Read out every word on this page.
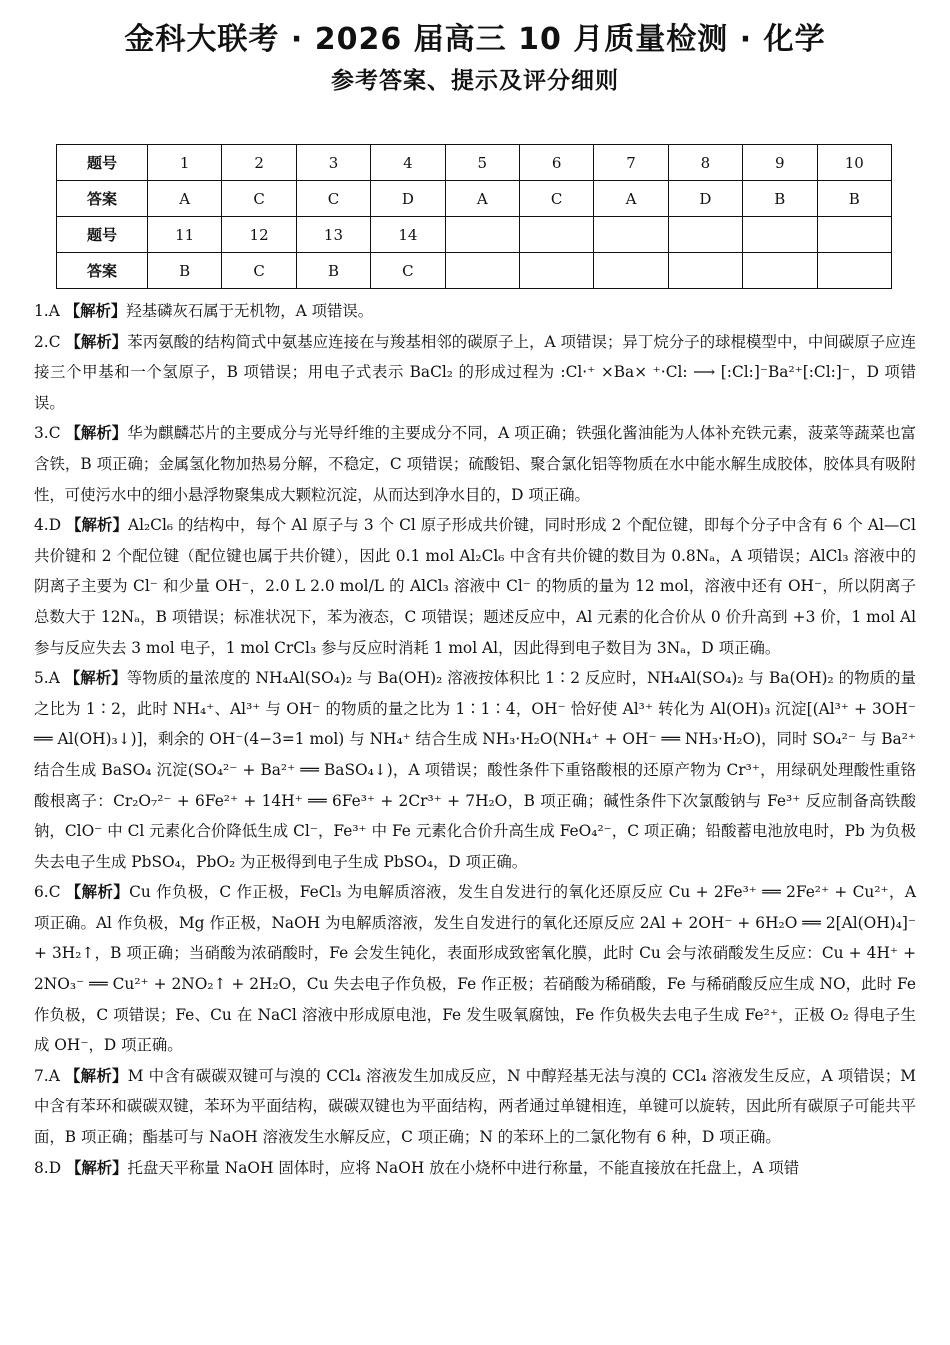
金科大联考 · 2026 届高三 10 月质量检测 · 化学
参考答案、提示及评分细则
题号	1	2	3	4	5	6	7	8	9	10
答案	A	C	C	D	A	C	A	D	B	B
题号	11	12	13	14						
答案	B	C	B	C						

1.A 【解析】羟基磷灰石属于无机物，A 项错误。

2.C 【解析】苯丙氨酸的结构简式中氨基应连接在与羧基相邻的碳原子上，A 项错误；异丁烷分子的球棍模型中，中间碳原子应连接三个甲基和一个氢原子，B 项错误；用电子式表示 BaCl₂ 的形成过程为 :Cl·⁺ ×Ba× ⁺·Cl: ⟶ [:Cl:]⁻Ba²⁺[:Cl:]⁻，D 项错误。

3.C 【解析】华为麒麟芯片的主要成分与光导纤维的主要成分不同，A 项正确；铁强化酱油能为人体补充铁元素，菠菜等蔬菜也富含铁，B 项正确；金属氢化物加热易分解，不稳定，C 项错误；硫酸铝、聚合氯化铝等物质在水中能水解生成胶体，胶体具有吸附性，可使污水中的细小悬浮物聚集成大颗粒沉淀，从而达到净水目的，D 项正确。

4.D 【解析】Al₂Cl₆ 的结构中，每个 Al 原子与 3 个 Cl 原子形成共价键，同时形成 2 个配位键，即每个分子中含有 6 个 Al—Cl 共价键和 2 个配位键（配位键也属于共价键），因此 0.1 mol Al₂Cl₆ 中含有共价键的数目为 0.8Nₐ，A 项错误；AlCl₃ 溶液中的阴离子主要为 Cl⁻ 和少量 OH⁻，2.0 L 2.0 mol/L 的 AlCl₃ 溶液中 Cl⁻ 的物质的量为 12 mol，溶液中还有 OH⁻，所以阴离子总数大于 12Nₐ，B 项错误；标准状况下，苯为液态，C 项错误；题述反应中，Al 元素的化合价从 0 价升高到 +3 价，1 mol Al 参与反应失去 3 mol 电子，1 mol CrCl₃ 参与反应时消耗 1 mol Al，因此得到电子数目为 3Nₐ，D 项正确。

5.A 【解析】等物质的量浓度的 NH₄Al(SO₄)₂ 与 Ba(OH)₂ 溶液按体积比 1∶2 反应时，NH₄Al(SO₄)₂ 与 Ba(OH)₂ 的物质的量之比为 1∶2，此时 NH₄⁺、Al³⁺ 与 OH⁻ 的物质的量之比为 1∶1∶4，OH⁻ 恰好使 Al³⁺ 转化为 Al(OH)₃ 沉淀[(Al³⁺ + 3OH⁻ ══ Al(OH)₃↓)]，剩余的 OH⁻(4−3=1 mol) 与 NH₄⁺ 结合生成 NH₃·H₂O(NH₄⁺ + OH⁻ ══ NH₃·H₂O)，同时 SO₄²⁻ 与 Ba²⁺ 结合生成 BaSO₄ 沉淀(SO₄²⁻ + Ba²⁺ ══ BaSO₄↓)，A 项错误；酸性条件下重铬酸根的还原产物为 Cr³⁺，用绿矾处理酸性重铬酸根离子：Cr₂O₇²⁻ + 6Fe²⁺ + 14H⁺ ══ 6Fe³⁺ + 2Cr³⁺ + 7H₂O，B 项正确；碱性条件下次氯酸钠与 Fe³⁺ 反应制备高铁酸钠，ClO⁻ 中 Cl 元素化合价降低生成 Cl⁻，Fe³⁺ 中 Fe 元素化合价升高生成 FeO₄²⁻，C 项正确；铅酸蓄电池放电时，Pb 为负极失去电子生成 PbSO₄，PbO₂ 为正极得到电子生成 PbSO₄，D 项正确。

6.C 【解析】Cu 作负极，C 作正极，FeCl₃ 为电解质溶液，发生自发进行的氧化还原反应 Cu + 2Fe³⁺ ══ 2Fe²⁺ + Cu²⁺，A 项正确。Al 作负极，Mg 作正极，NaOH 为电解质溶液，发生自发进行的氧化还原反应 2Al + 2OH⁻ + 6H₂O ══ 2[Al(OH)₄]⁻ + 3H₂↑，B 项正确；当硝酸为浓硝酸时，Fe 会发生钝化，表面形成致密氧化膜，此时 Cu 会与浓硝酸发生反应：Cu + 4H⁺ + 2NO₃⁻ ══ Cu²⁺ + 2NO₂↑ + 2H₂O，Cu 失去电子作负极，Fe 作正极；若硝酸为稀硝酸，Fe 与稀硝酸反应生成 NO，此时 Fe 作负极，C 项错误；Fe、Cu 在 NaCl 溶液中形成原电池，Fe 发生吸氧腐蚀，Fe 作负极失去电子生成 Fe²⁺，正极 O₂ 得电子生成 OH⁻，D 项正确。

7.A 【解析】M 中含有碳碳双键可与溴的 CCl₄ 溶液发生加成反应，N 中醇羟基无法与溴的 CCl₄ 溶液发生反应，A 项错误；M 中含有苯环和碳碳双键，苯环为平面结构，碳碳双键也为平面结构，两者通过单键相连，单键可以旋转，因此所有碳原子可能共平面，B 项正确；酯基可与 NaOH 溶液发生水解反应，C 项正确；N 的苯环上的二氯化物有 6 种，D 项正确。

8.D 【解析】托盘天平称量 NaOH 固体时，应将 NaOH 放在小烧杯中进行称量，不能直接放在托盘上，A 项错
